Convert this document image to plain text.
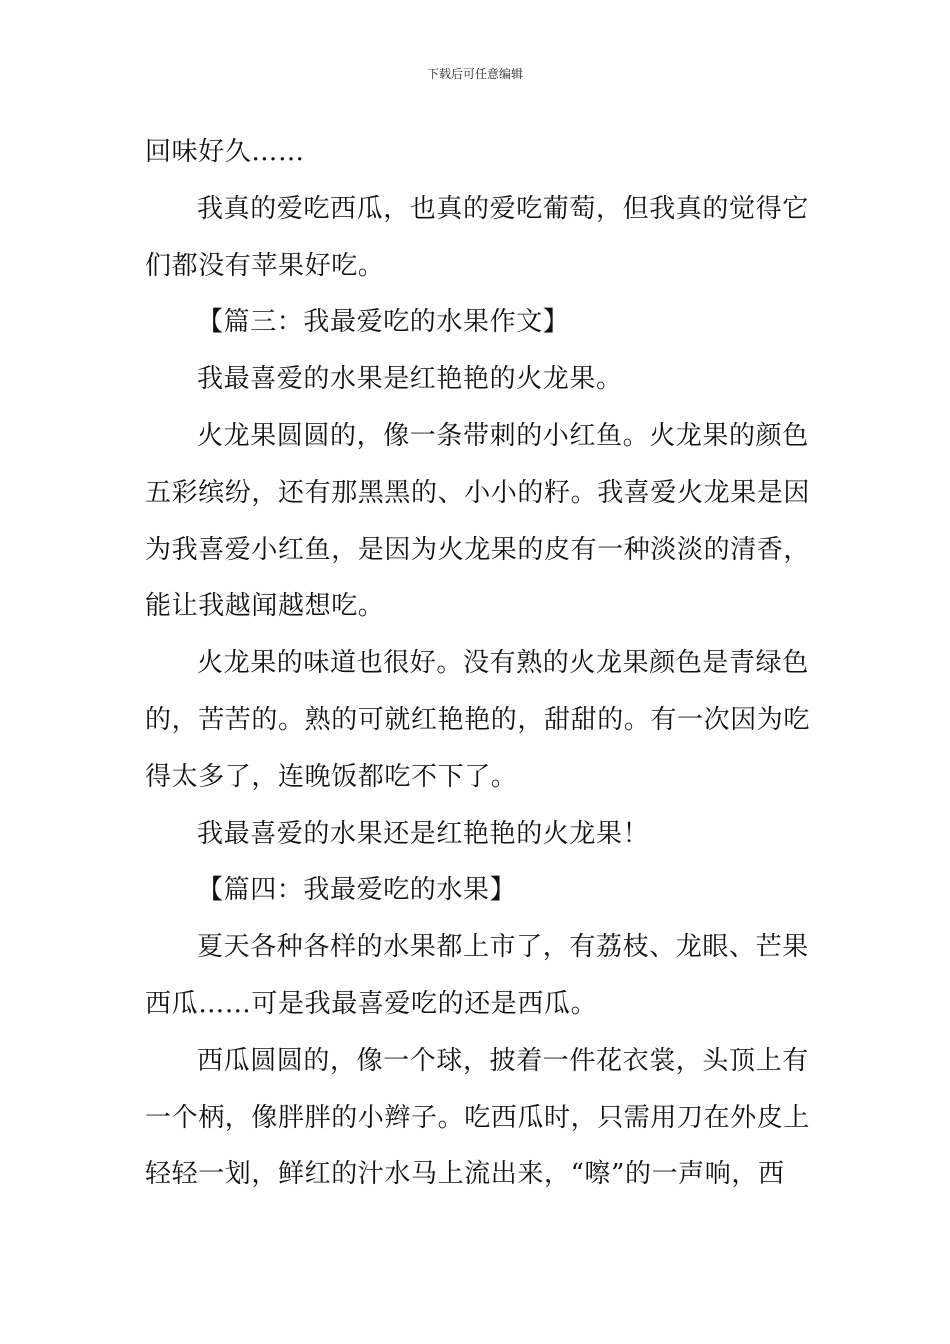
下载后可任意编辑
回味好久……
我真的爱吃西瓜，也真的爱吃葡萄，但我真的觉得它
们都没有苹果好吃。
【篇三：我最爱吃的水果作文】
我最喜爱的水果是红艳艳的火龙果。
火龙果圆圆的，像一条带刺的小红鱼。火龙果的颜色
五彩缤纷，还有那黑黑的、小小的籽。我喜爱火龙果是因
为我喜爱小红鱼，是因为火龙果的皮有一种淡淡的清香，
能让我越闻越想吃。
火龙果的味道也很好。没有熟的火龙果颜色是青绿色
的，苦苦的。熟的可就红艳艳的，甜甜的。有一次因为吃
得太多了，连晚饭都吃不下了。
我最喜爱的水果还是红艳艳的火龙果！
【篇四：我最爱吃的水果】
夏天各种各样的水果都上市了，有荔枝、龙眼、芒果
西瓜……可是我最喜爱吃的还是西瓜。
西瓜圆圆的，像一个球，披着一件花衣裳，头顶上有
一个柄，像胖胖的小辫子。吃西瓜时，只需用刀在外皮上
轻轻一划，鲜红的汁水马上流出来，“嚓”的一声响，西
